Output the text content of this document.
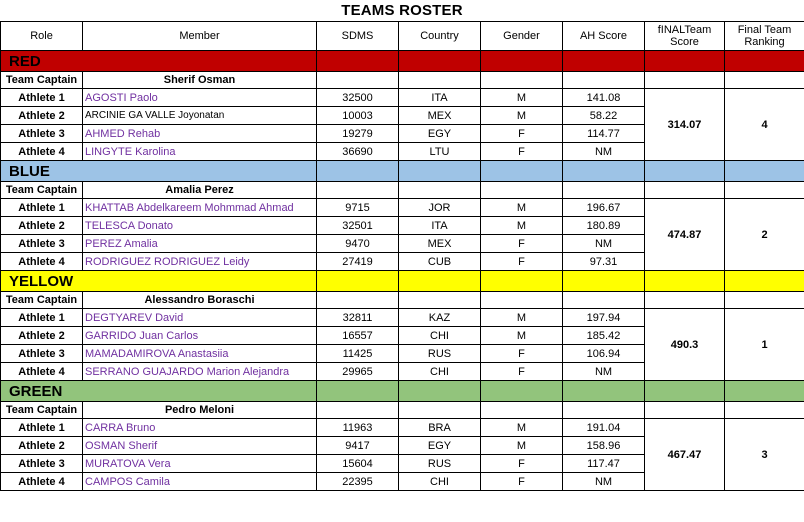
TEAMS ROSTER
Role	Member	SDMS	Country	Gender	AH Score	fINALTeam Score	Final Team Ranking
RED							
Team Captain	Sherif Osman						
Athlete 1	AGOSTI Paolo	32500	ITA	M	141.08	314.07	4
Athlete 2	ARCINIE GA VALLE Joyonatan	10003	MEX	M	58.22		
Athlete 3	AHMED Rehab	19279	EGY	F	114.77		
Athlete 4	LINGYTE Karolina	36690	LTU	F	NM		
BLUE							
Team Captain	Amalia Perez						
Athlete 1	KHATTAB Abdelkareem Mohmmad Ahmad	9715	JOR	M	196.67	474.87	2
Athlete 2	TELESCA Donato	32501	ITA	M	180.89		
Athlete 3	PEREZ Amalia	9470	MEX	F	NM		
Athlete 4	RODRIGUEZ RODRIGUEZ Leidy	27419	CUB	F	97.31		
YELLOW							
Team Captain	Alessandro Boraschi						
Athlete 1	DEGTYAREV David	32811	KAZ	M	197.94	490.3	1
Athlete 2	GARRIDO Juan Carlos	16557	CHI	M	185.42		
Athlete 3	MAMADAMIROVA Anastasiia	11425	RUS	F	106.94		
Athlete 4	SERRANO GUAJARDO Marion Alejandra	29965	CHI	F	NM		
GREEN							
Team Captain	Pedro Meloni						
Athlete 1	CARRA Bruno	11963	BRA	M	191.04	467.47	3
Athlete 2	OSMAN Sherif	9417	EGY	M	158.96		
Athlete 3	MURATOVA Vera	15604	RUS	F	117.47		
Athlete 4	CAMPOS Camila	22395	CHI	F	NM		
